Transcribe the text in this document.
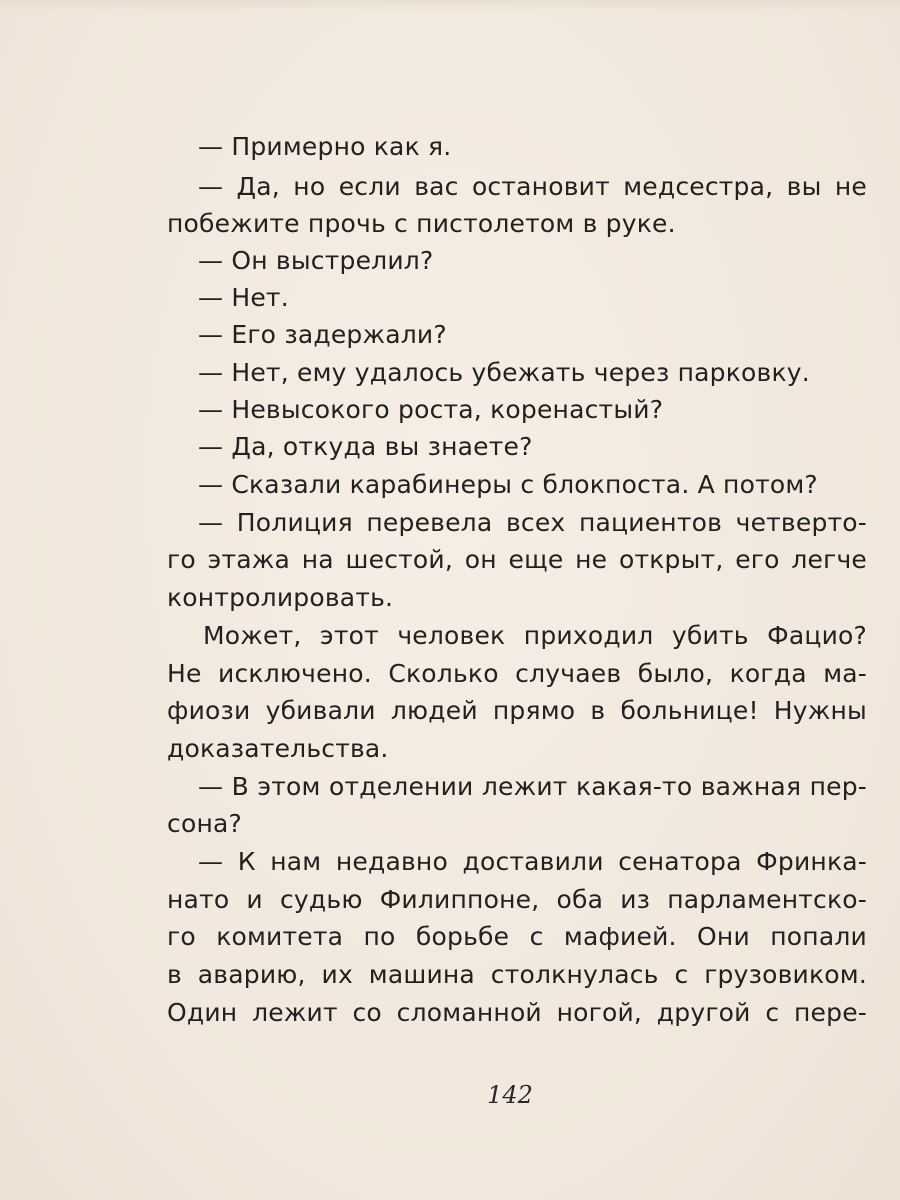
— Примерно как я.
— Да, но если вас остановит медсестра, вы не
побежите прочь с пистолетом в руке.
— Он выстрелил?
— Нет.
— Его задержали?
— Нет, ему удалось убежать через парковку.
— Невысокого роста, коренастый?
— Да, откуда вы знаете?
— Сказали карабинеры с блокпоста. А потом?
— Полиция перевела всех пациентов четверто-
го этажа на шестой, он еще не открыт, его легче
контролировать.
Может, этот человек приходил убить Фацио?
Не исключено. Сколько случаев было, когда ма-
фиози убивали людей прямо в больнице! Нужны
доказательства.
— В этом отделении лежит какая-то важная пер-
сона?
— К нам недавно доставили сенатора Фринка-
нато и судью Филиппоне, оба из парламентско-
го комитета по борьбе с мафией. Они попали
в аварию, их машина столкнулась с грузовиком.
Один лежит со сломанной ногой, другой с пере-
142
